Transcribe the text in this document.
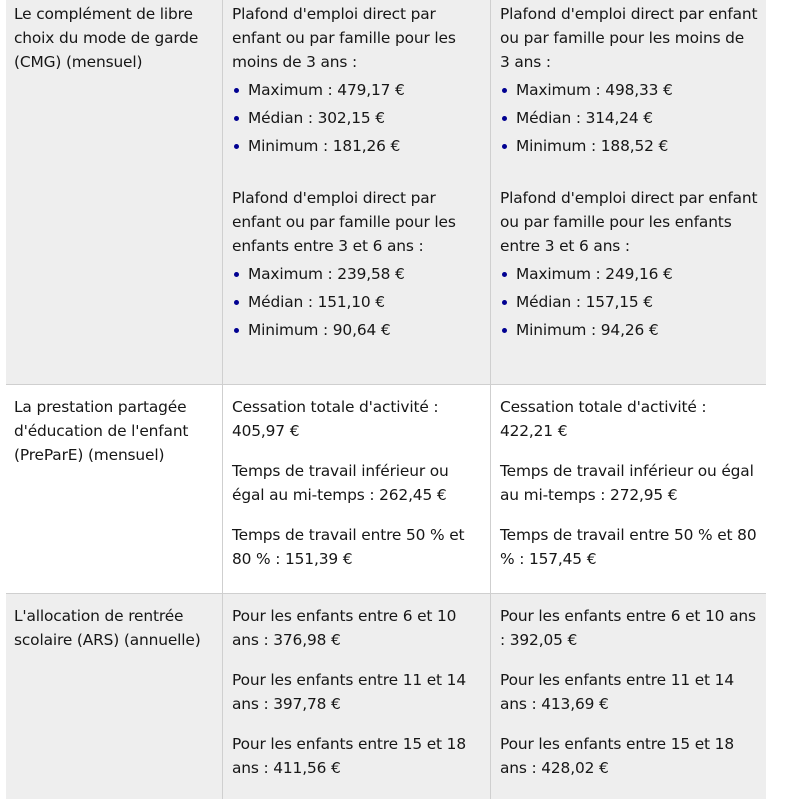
Le complément de libre choix du mode de garde (CMG) (mensuel)

Plafond d'emploi direct par enfant ou par famille pour les moins de 3 ans :

Maximum : 479,17 €
Médian : 302,15 €
Minimum : 181,26 €

Plafond d'emploi direct par enfant ou par famille pour les enfants entre 3 et 6 ans :

Maximum : 239,58 €
Médian : 151,10 €
Minimum : 90,64 €

Plafond d'emploi direct par enfant ou par famille pour les moins de 3 ans :

Maximum : 498,33 €
Médian : 314,24 €
Minimum : 188,52 €

Plafond d'emploi direct par enfant ou par famille pour les enfants entre 3 et 6 ans :

Maximum : 249,16 €
Médian : 157,15 €
Minimum : 94,26 €

La prestation partagée d'éducation de l'enfant (PreParE) (mensuel)

Cessation totale d'activité : 405,97 €

Temps de travail inférieur ou égal au mi-temps : 262,45 €

Temps de travail entre 50 % et 80 % : 151,39 €

Cessation totale d'activité : 422,21 €

Temps de travail inférieur ou égal au mi-temps : 272,95 €

Temps de travail entre 50 % et 80 % : 157,45 €

L'allocation de rentrée scolaire (ARS) (annuelle)

Pour les enfants entre 6 et 10 ans : 376,98 €

Pour les enfants entre 11 et 14 ans : 397,78 €

Pour les enfants entre 15 et 18 ans : 411,56 €

Pour les enfants entre 6 et 10 ans : 392,05 €

Pour les enfants entre 11 et 14 ans : 413,69 €

Pour les enfants entre 15 et 18 ans : 428,02 €
